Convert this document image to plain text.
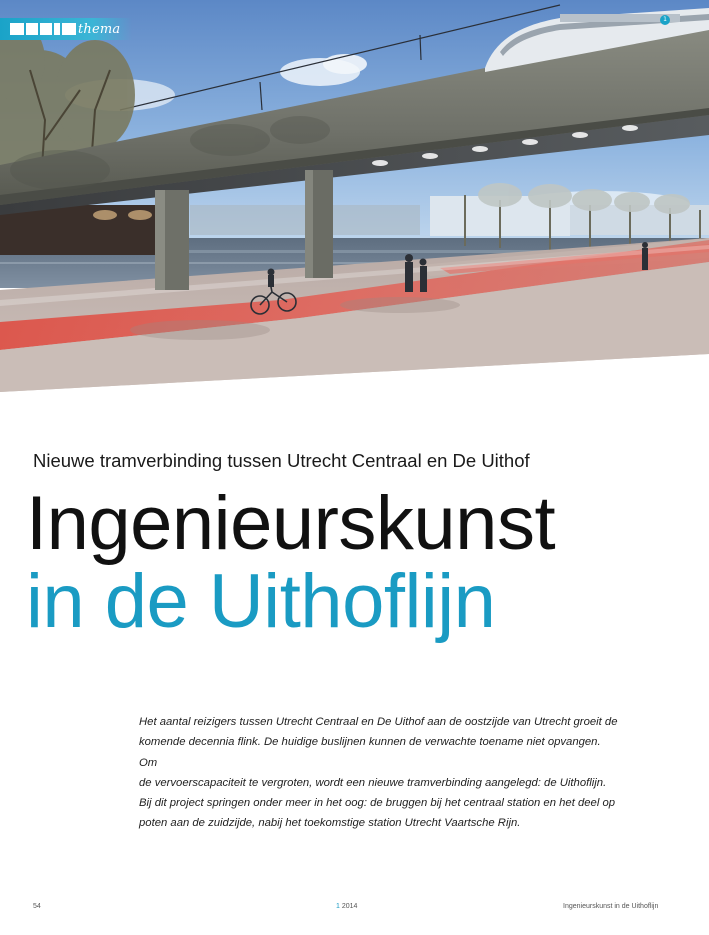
thema
1
Nieuwe tramverbinding tussen Utrecht Centraal en De Uithof
Ingenieurskunst
in de Uithoflijn

Het aantal reizigers tussen Utrecht Centraal en De Uithof aan de oostzijde van Utrecht groeit de
komende decennia flink. De huidige buslijnen kunnen de verwachte toename niet opvangen. Om
de vervoerscapaciteit te vergroten, wordt een nieuwe tramverbinding aangelegd: de Uithoflijn.
Bij dit project springen onder meer in het oog: de bruggen bij het centraal station en het deel op
poten aan de zuidzijde, nabij het toekomstige station Utrecht Vaartsche Rijn.

54	1 2014	Ingenieurskunst in de Uithoflijn
